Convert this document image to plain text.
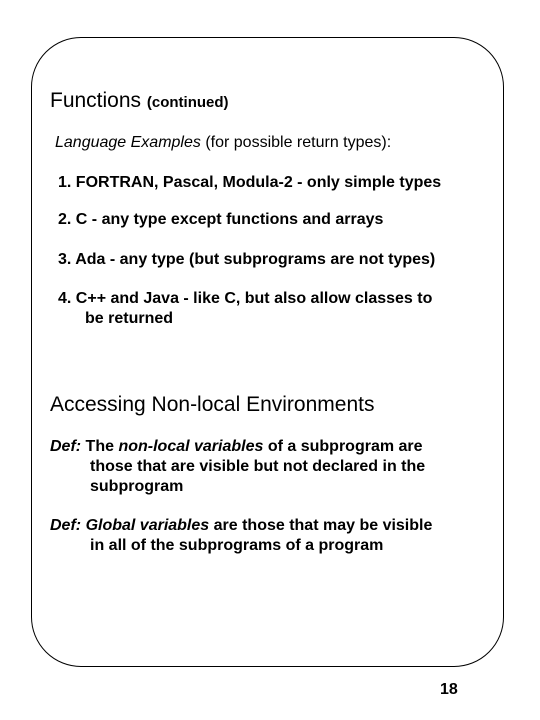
Functions (continued)
Language Examples (for possible return types):
1. FORTRAN, Pascal, Modula-2 - only simple types
2. C - any type except functions and arrays
3. Ada - any type (but subprograms are not types)
4. C++ and Java - like C, but also allow classes to
be returned
Accessing Non-local Environments
Def: The non-local variables of a subprogram are
those that are visible but not declared in the
subprogram
Def: Global variables are those that may be visible
in all of the subprograms of a program
18
